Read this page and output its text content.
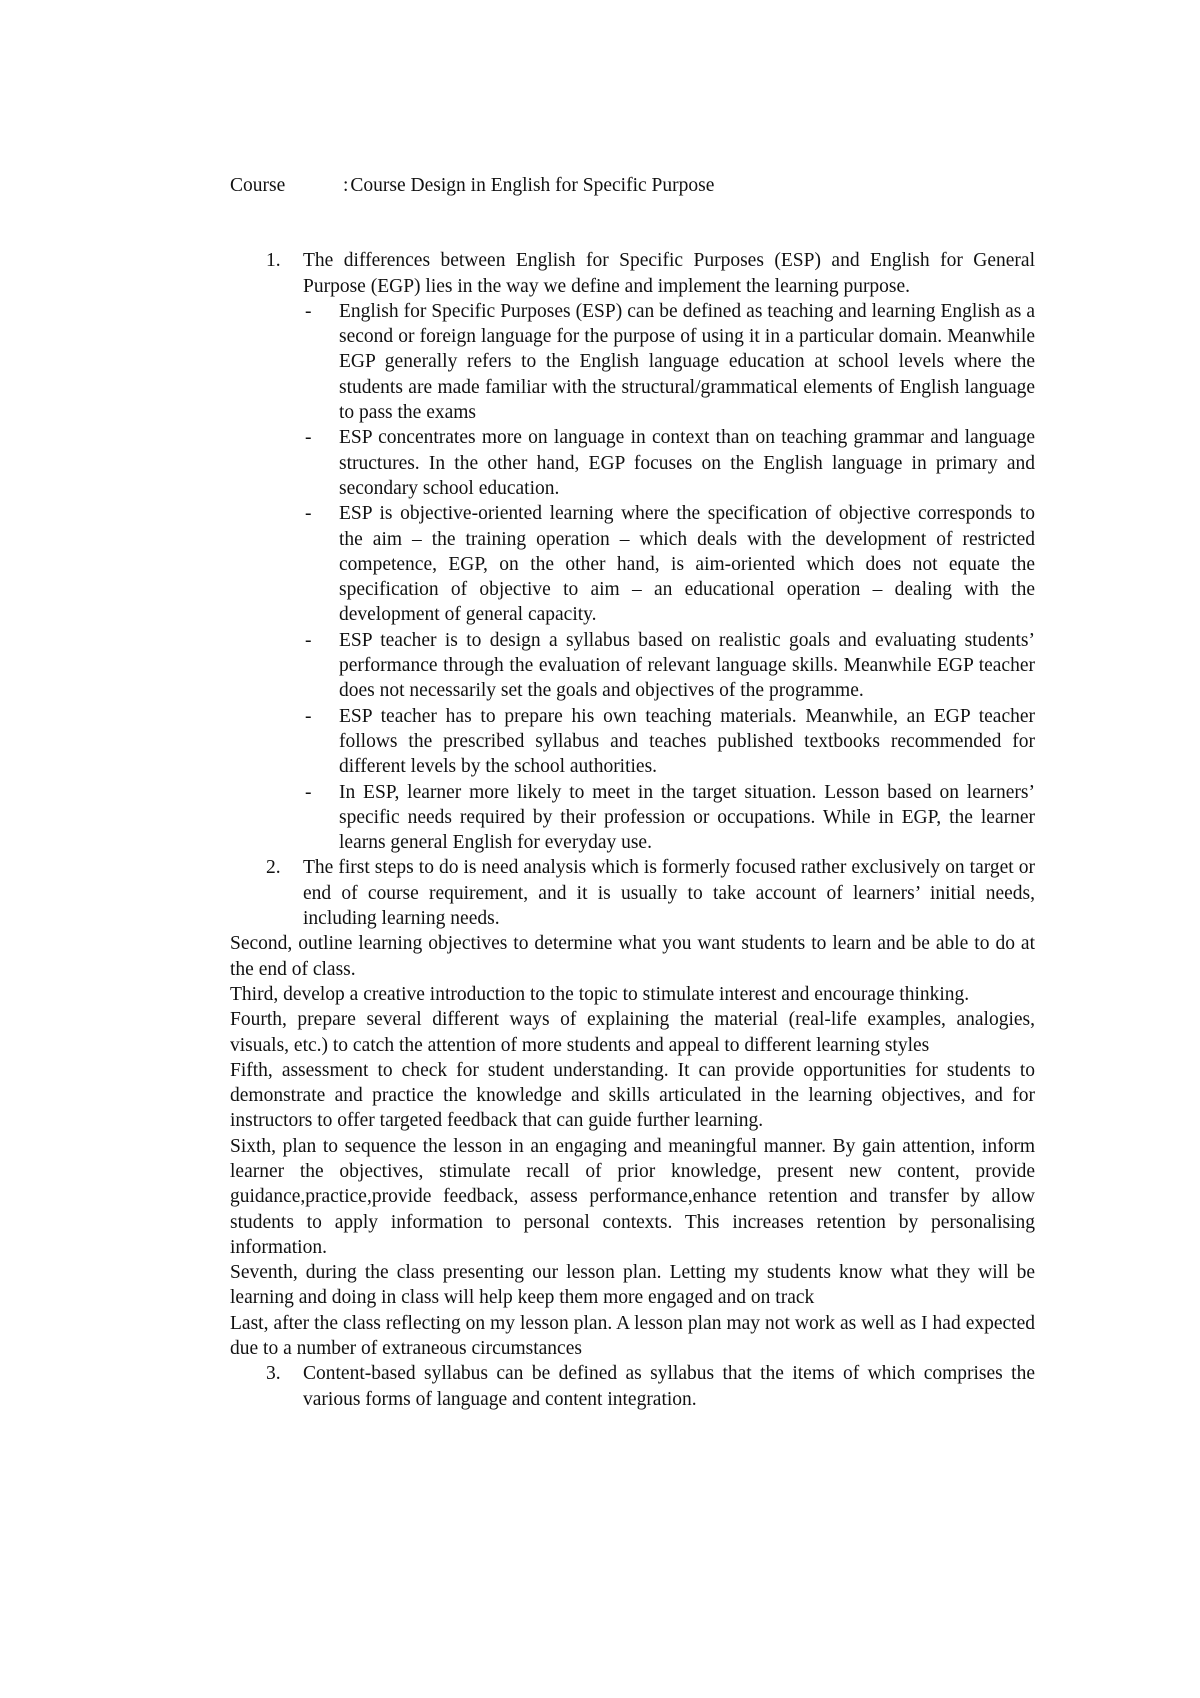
Course	: Course Design in English for Specific Purpose
1. The differences between English for Specific Purposes (ESP) and English for General Purpose (EGP) lies in the way we define and implement the learning purpose.

- English for Specific Purposes (ESP) can be defined as teaching and learning English as a second or foreign language for the purpose of using it in a particular domain. Meanwhile EGP generally refers to the English language education at school levels where the students are made familiar with the structural/grammatical elements of English language to pass the exams

- ESP concentrates more on language in context than on teaching grammar and language structures. In the other hand, EGP focuses on the English language in primary and secondary school education.

- ESP is objective-oriented learning where the specification of objective corresponds to the aim – the training operation – which deals with the development of restricted competence, EGP, on the other hand, is aim-oriented which does not equate the specification of objective to aim – an educational operation – dealing with the development of general capacity.

- ESP teacher is to design a syllabus based on realistic goals and evaluating students’ performance through the evaluation of relevant language skills. Meanwhile EGP teacher does not necessarily set the goals and objectives of the programme.

- ESP teacher has to prepare his own teaching materials. Meanwhile, an EGP teacher follows the prescribed syllabus and teaches published textbooks recommended for different levels by the school authorities.

- In ESP, learner more likely to meet in the target situation. Lesson based on learners’ specific needs required by their profession or occupations. While in EGP, the learner learns general English for everyday use.

2. The first steps to do is need analysis which is formerly focused rather exclusively on target or end of course requirement, and it is usually to take account of learners’ initial needs, including learning needs.

Second, outline learning objectives to determine what you want students to learn and be able to do at the end of class.

Third, develop a creative introduction to the topic to stimulate interest and encourage thinking.

Fourth, prepare several different ways of explaining the material (real-life examples, analogies, visuals, etc.) to catch the attention of more students and appeal to different learning styles

Fifth, assessment to check for student understanding. It can provide opportunities for students to demonstrate and practice the knowledge and skills articulated in the learning objectives, and for instructors to offer targeted feedback that can guide further learning.

Sixth, plan to sequence the lesson in an engaging and meaningful manner. By gain attention, inform learner the objectives, stimulate recall of prior knowledge, present new content, provide guidance,practice,provide feedback, assess performance,enhance retention and transfer by allow students to apply information to personal contexts. This increases retention by personalising information.

Seventh, during the class presenting our lesson plan. Letting my students know what they will be learning and doing in class will help keep them more engaged and on track

Last, after the class reflecting on my lesson plan. A lesson plan may not work as well as I had expected due to a number of extraneous circumstances

3. Content-based syllabus can be defined as syllabus that the items of which comprises the various forms of language and content integration.
